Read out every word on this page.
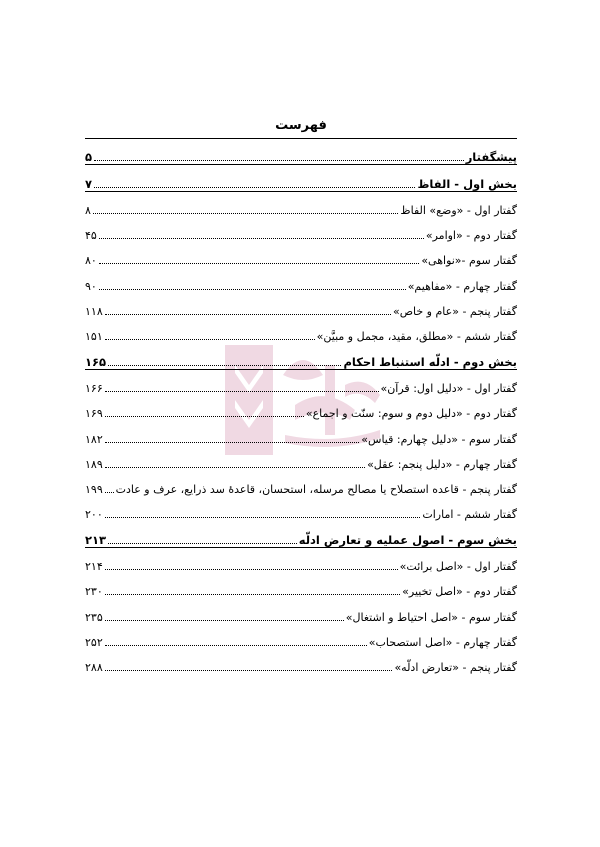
فهرست
پیشگفتار
۵
بخش اول - الفاظ
۷
گفتار اول - «وضع» الفاظ
۸
گفتار دوم - «اوامر»
۴۵
گفتار سوم -«نواهی»
۸۰
گفتار چهارم - «مفاهیم»
۹۰
گفتار پنجم - «عام و خاص»
۱۱۸
گفتار ششم - «مطلق، مقید، مجمل و مبیَّن»
۱۵۱
بخش دوم - ادلّه استنباط احکام
۱۶۵
گفتار اول - «دلیل اول: قرآن»
۱۶۶
گفتار دوم - «دلیل دوم و سوم: سنّت و اجماع»
۱۶۹
گفتار سوم - «دلیل چهارم: قیاس»
۱۸۲
گفتار چهارم - «دلیل پنجم: عقل»
۱۸۹
گفتار پنجم - قاعده استصلاح یا مصالح مرسله، استحسان، قاعدۀ سد ذرایع، عرف و عادت
۱۹۹
گفتار ششم - امارات
۲۰۰
بخش سوم - اصول عملیه و تعارض ادلّه
۲۱۳
گفتار اول - «اصل برائت»
۲۱۴
گفتار دوم - «اصل تخییر»
۲۳۰
گفتار سوم - «اصل احتیاط و اشتغال»
۲۳۵
گفتار چهارم - «اصل استصحاب»
۲۵۲
گفتار پنجم - «تعارض ادلّه»
۲۸۸
